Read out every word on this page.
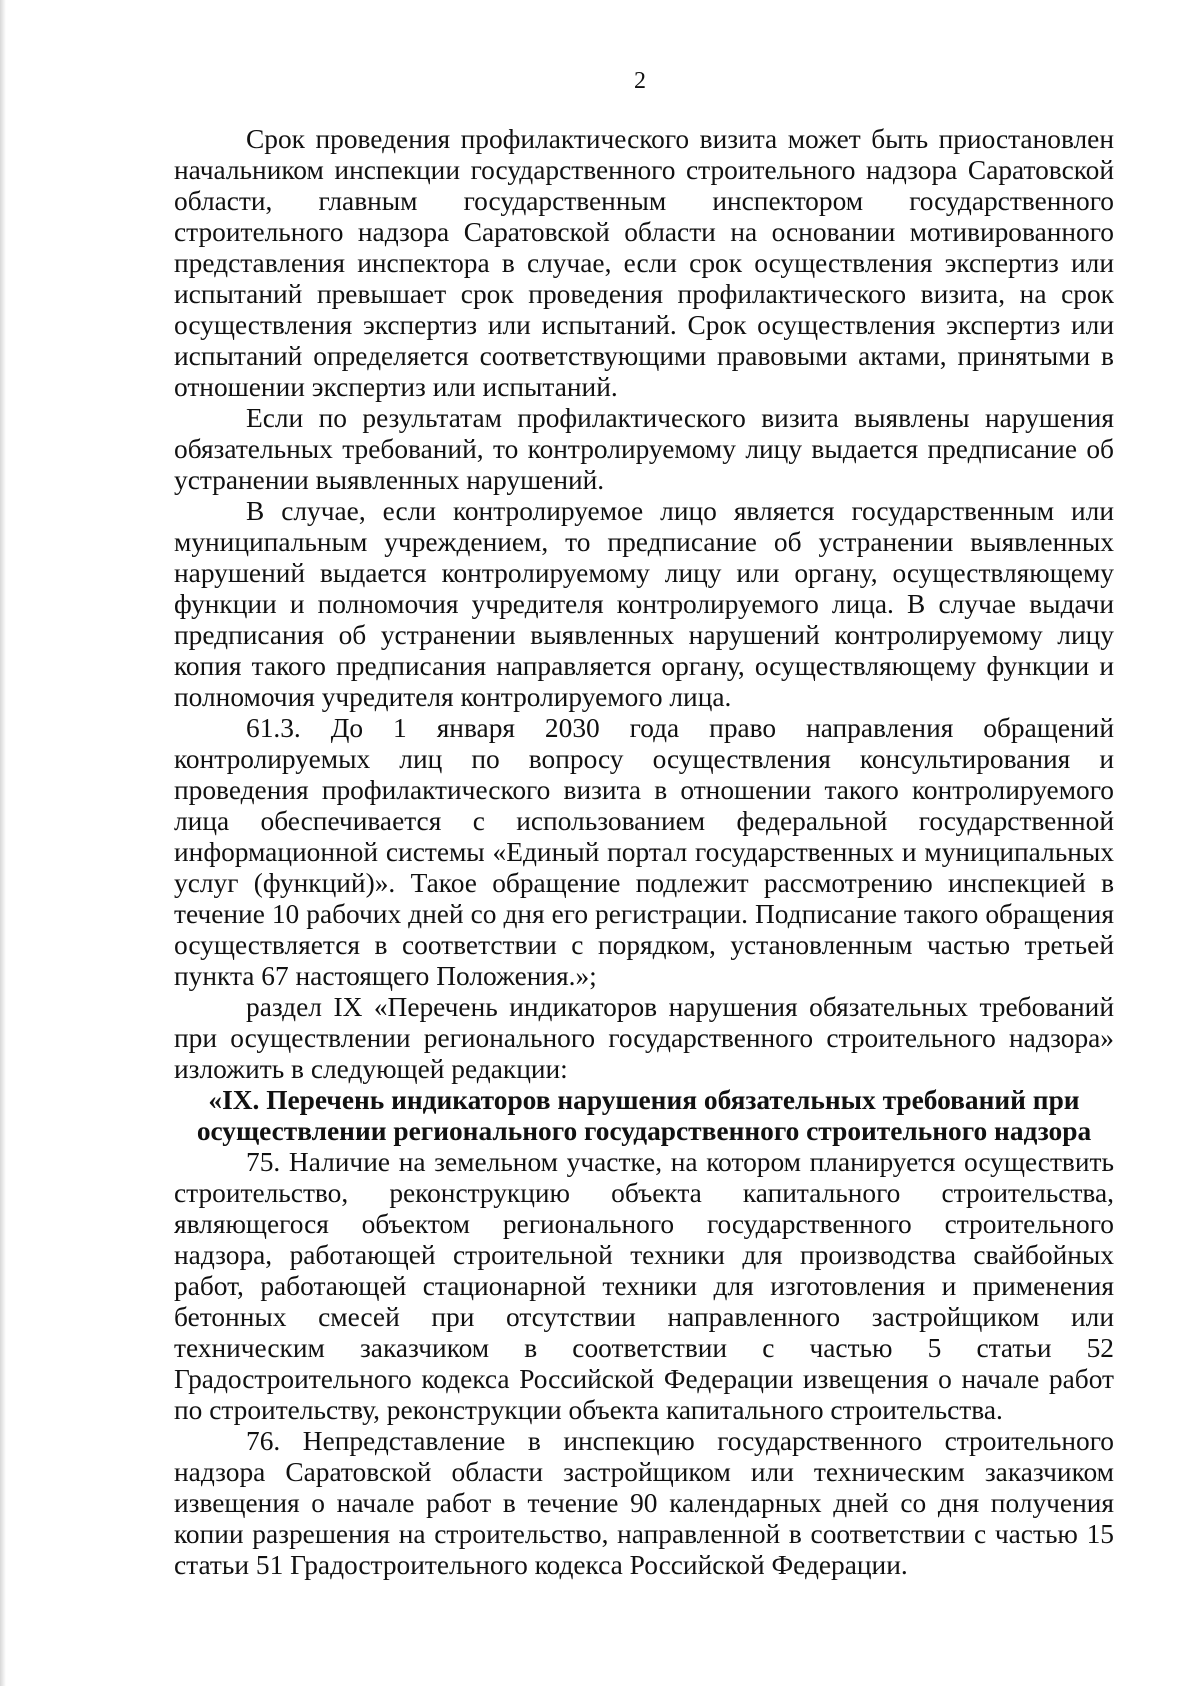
2

Срок проведения профилактического визита может быть приостановлен начальником инспекции государственного строительного надзора Саратовской области, главным государственным инспектором государственного строительного надзора Саратовской области на основании мотивированного представления инспектора в случае, если срок осуществления экспертиз или испытаний превышает срок проведения профилактического визита, на срок осуществления экспертиз или испытаний. Срок осуществления экспертиз или испытаний определяется соответствующими правовыми актами, принятыми в отношении экспертиз или испытаний.

Если по результатам профилактического визита выявлены нарушения обязательных требований, то контролируемому лицу выдается предписание об устранении выявленных нарушений.

В случае, если контролируемое лицо является государственным или муниципальным учреждением, то предписание об устранении выявленных нарушений выдается контролируемому лицу или органу, осуществляющему функции и полномочия учредителя контролируемого лица. В случае выдачи предписания об устранении выявленных нарушений контролируемому лицу копия такого предписания направляется органу, осуществляющему функции и полномочия учредителя контролируемого лица.

61.3. До 1 января 2030 года право направления обращений контролируемых лиц по вопросу осуществления консультирования и проведения профилактического визита в отношении такого контролируемого лица обеспечивается с использованием федеральной государственной информационной системы «Единый портал государственных и муниципальных услуг (функций)». Такое обращение подлежит рассмотрению инспекцией в течение 10 рабочих дней со дня его регистрации. Подписание такого обращения осуществляется в соответствии с порядком, установленным частью третьей пункта 67 настоящего Положения.»;

раздел IX «Перечень индикаторов нарушения обязательных требований при осуществлении регионального государственного строительного надзора» изложить в следующей редакции:

«IX. Перечень индикаторов нарушения обязательных требований при осуществлении регионального государственного строительного надзора

75. Наличие на земельном участке, на котором планируется осуществить строительство, реконструкцию объекта капитального строительства, являющегося объектом регионального государственного строительного надзора, работающей строительной техники для производства свайбойных работ, работающей стационарной техники для изготовления и применения бетонных смесей при отсутствии направленного застройщиком или техническим заказчиком в соответствии с частью 5 статьи 52 Градостроительного кодекса Российской Федерации извещения о начале работ по строительству, реконструкции объекта капитального строительства.

76. Непредставление в инспекцию государственного строительного надзора Саратовской области застройщиком или техническим заказчиком извещения о начале работ в течение 90 календарных дней со дня получения копии разрешения на строительство, направленной в соответствии с частью 15 статьи 51 Градостроительного кодекса Российской Федерации.
